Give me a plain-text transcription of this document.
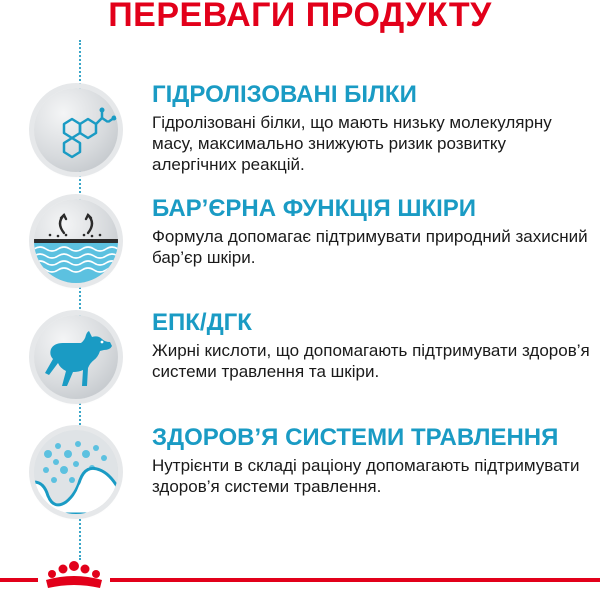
ПЕРЕВАГИ ПРОДУКТУ
ГІДРОЛІЗОВАНІ БІЛКИ
Гідролізовані білки, що мають низьку молекулярну масу, максимально знижують ризик розвитку алергічних реакцій.
БАР’ЄРНА ФУНКЦІЯ ШКІРИ
Формула допомагає підтримувати природний захисний бар’єр шкіри.
ЕПК/ДГК
Жирні кислоти, що допомагають підтримувати здоров’я системи травлення та шкіри.
ЗДОРОВ’Я СИСТЕМИ ТРАВЛЕННЯ
Нутрієнти в складі раціону допомагають підтримувати здоров’я системи травлення.
